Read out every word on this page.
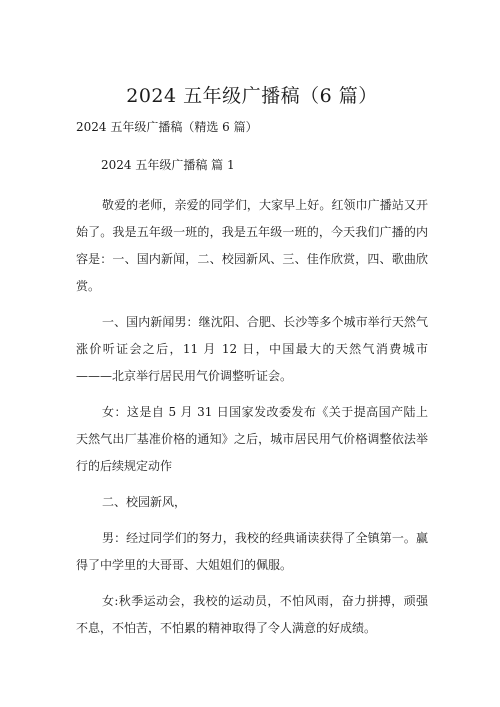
2024 五年级广播稿（6 篇）
2024 五年级广播稿（精选 6 篇）
2024 五年级广播稿 篇 1

敬爱的老师，亲爱的同学们，大家早上好。红领巾广播站又开始了。我是五年级一班的，我是五年级一班的，今天我们广播的内容是：一、国内新闻，二、校园新风、三、佳作欣赏，四、歌曲欣赏。

一、国内新闻男：继沈阳、合肥、长沙等多个城市举行天然气涨价听证会之后，11 月 12 日，中国最大的天然气消费城市———北京举行居民用气价调整听证会。

女：这是自 5 月 31 日国家发改委发布《关于提高国产陆上天然气出厂基准价格的通知》之后，城市居民用气价格调整依法举行的后续规定动作

二、校园新风，

男：经过同学们的努力，我校的经典诵读获得了全镇第一。赢得了中学里的大哥哥、大姐姐们的佩服。

女:秋季运动会，我校的运动员，不怕风雨，奋力拼搏，顽强不息，不怕苦，不怕累的精神取得了令人满意的好成绩。
